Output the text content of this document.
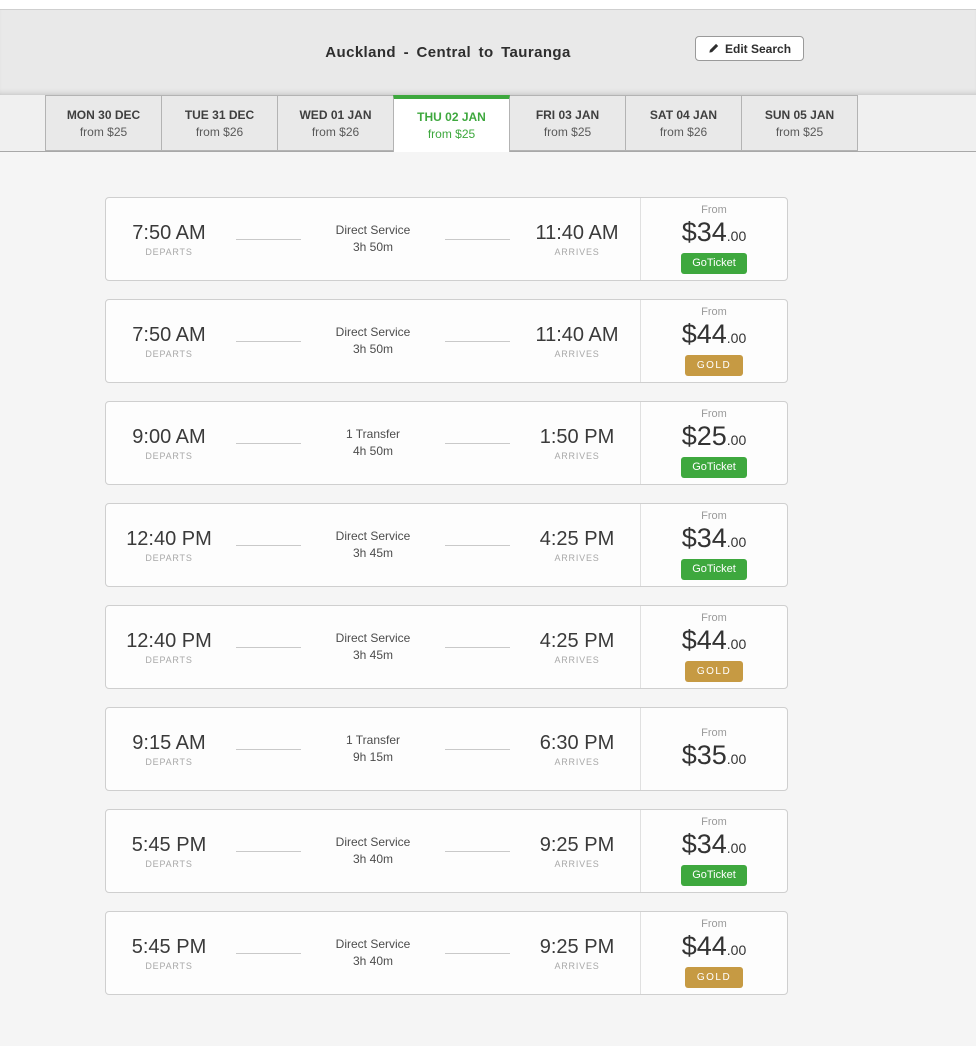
Auckland - Central to Tauranga	Edit Search
MON 30 DEC
from $25
TUE 31 DEC
from $26
WED 01 JAN
from $26
THU 02 JAN
from $25
FRI 03 JAN
from $25
SAT 04 JAN
from $26
SUN 05 JAN
from $25
7:50 AM
DEPARTS
Direct Service
3h 50m
11:40 AM
ARRIVES
From
$34.00
GoTicket
7:50 AM
DEPARTS
Direct Service
3h 50m
11:40 AM
ARRIVES
From
$44.00
GOLD
9:00 AM
DEPARTS
1 Transfer
4h 50m
1:50 PM
ARRIVES
From
$25.00
GoTicket
12:40 PM
DEPARTS
Direct Service
3h 45m
4:25 PM
ARRIVES
From
$34.00
GoTicket
12:40 PM
DEPARTS
Direct Service
3h 45m
4:25 PM
ARRIVES
From
$44.00
GOLD
9:15 AM
DEPARTS
1 Transfer
9h 15m
6:30 PM
ARRIVES
From
$35.00
5:45 PM
DEPARTS
Direct Service
3h 40m
9:25 PM
ARRIVES
From
$34.00
GoTicket
5:45 PM
DEPARTS
Direct Service
3h 40m
9:25 PM
ARRIVES
From
$44.00
GOLD
